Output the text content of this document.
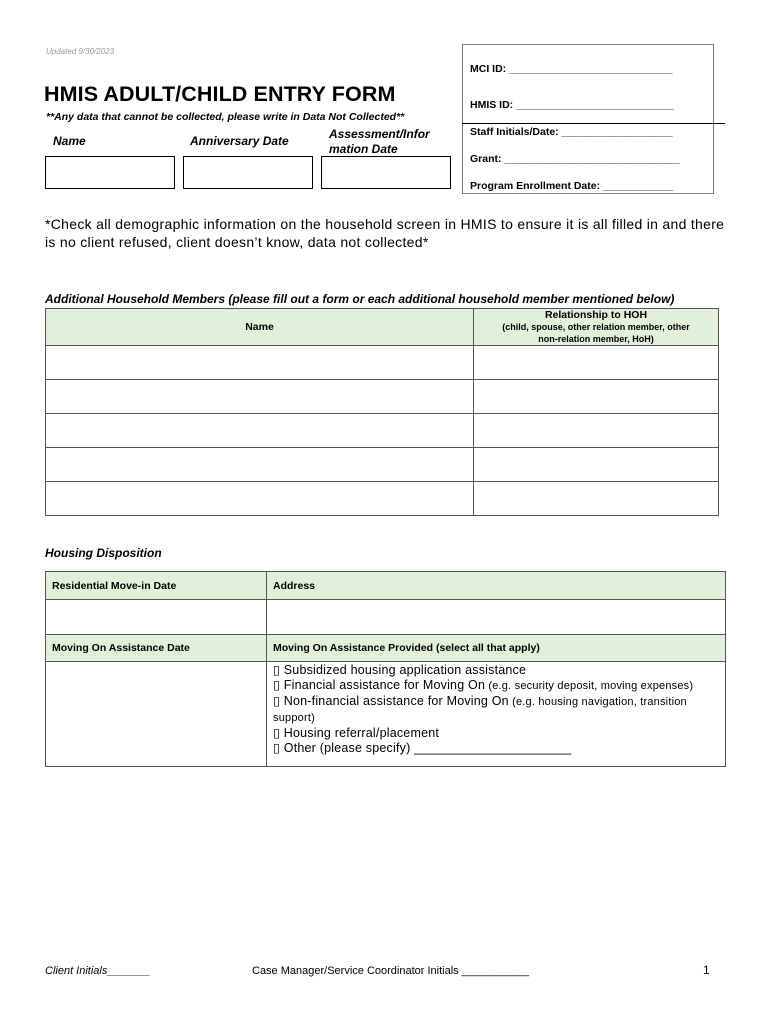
Updated 9/30/2023
HMIS ADULT/CHILD ENTRY FORM
**Any data that cannot be collected, please write in Data Not Collected**
Name	Anniversary Date	Assessment/Infor
mation Date
MCI ID: ____________________________
HMIS ID: ___________________________
Staff Initials/Date: ___________________
Grant: ______________________________
Program Enrollment Date: ____________
*Check all demographic information on the household screen in HMIS to ensure it is all filled in and there is no client refused, client doesn’t know, data not collected*
Additional Household Members (please fill out a form or each additional household member mentioned below)
Name	Relationship to HOH
(child, spouse, other relation member, other
non-relation member, HoH)

Housing Disposition
Residential Move-in Date	Address

Moving On Assistance Date	Moving On Assistance Provided (select all that apply)

	▯ Subsidized housing application assistance
▯ Financial assistance for Moving On (e.g. security deposit, moving expenses)
▯ Non-financial assistance for Moving On (e.g. housing navigation, transition support)
▯ Housing referral/placement
▯ Other (please specify) ______________________
Client Initials_______	Case Manager/Service Coordinator Initials ___________	1
